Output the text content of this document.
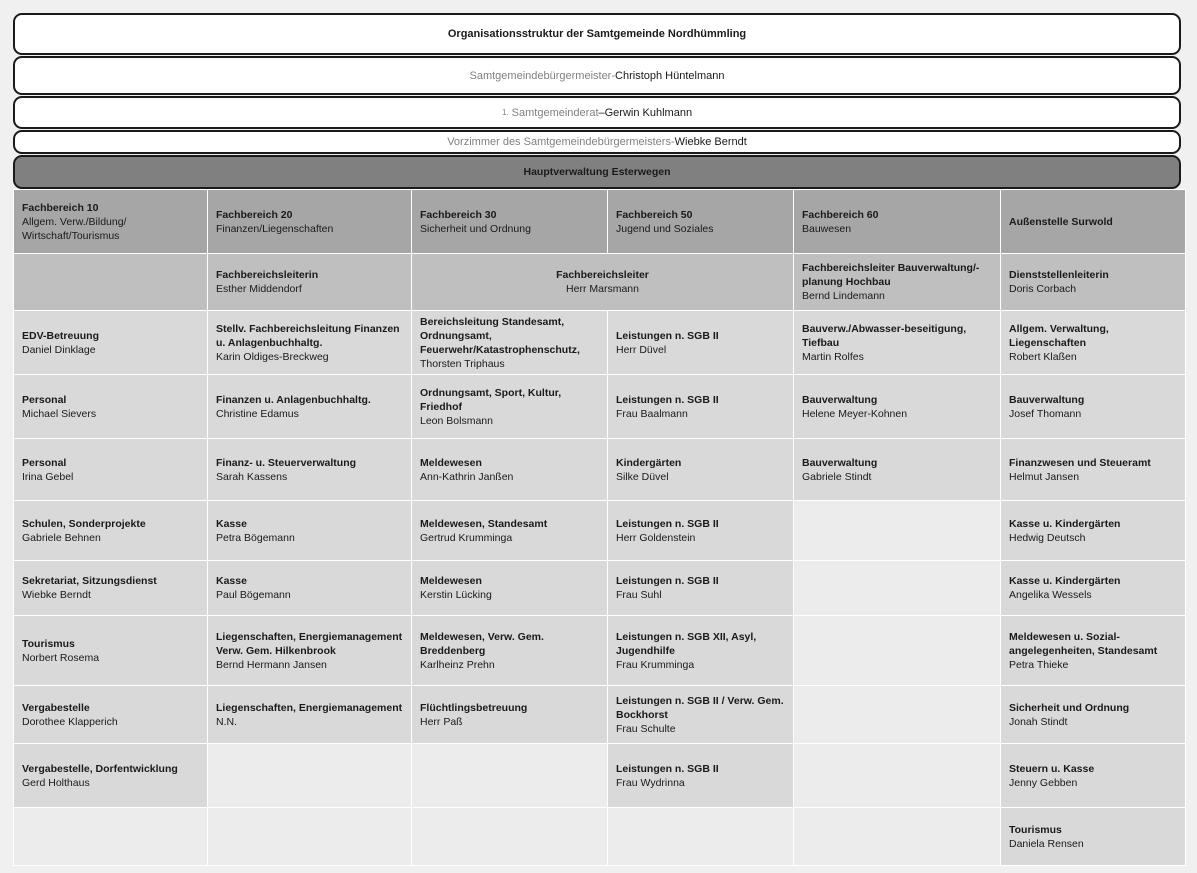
Organisationsstruktur der Samtgemeinde Nordhümmling
Samtgemeindebürgermeister - Christoph Hüntelmann
1.
Samtgemeinderat – Gerwin Kuhlmann
Vorzimmer des Samtgemeindebürgermeisters - Wiebke Berndt
Hauptverwaltung Esterwegen
Fachbereich 10
Allgem. Verw./Bildung/ Wirtschaft/Tourismus	Fachbereich 20
Finanzen/Liegenschaften	Fachbereich 30
Sicherheit und Ordnung	Fachbereich 50
Jugend und Soziales	Fachbereich 60
Bauwesen	Außenstelle Surwold

	Fachbereichsleiterin
Esther Middendorf	Fachbereichsleiter
Herr Marsmann		Fachbereichsleiter Bauverwaltung/-planung Hochbau
Bernd Lindemann	Dienststellenleiterin
Doris Corbach

EDV-Betreuung
Daniel Dinklage	Stellv. Fachbereichsleitung Finanzen u. Anlagenbuchhaltg.
Karin Oldiges-Breckweg	Bereichsleitung Standesamt, Ordnungsamt, Feuerwehr/Katastrophenschutz,
Thorsten Triphaus	Leistungen n. SGB II
Herr Düvel	Bauverw./Abwasser-beseitigung, Tiefbau
Martin Rolfes	Allgem. Verwaltung, Liegenschaften
Robert Klaßen

Personal
Michael Sievers	Finanzen u. Anlagenbuchhaltg.
Christine Edamus	Ordnungsamt, Sport, Kultur, Friedhof
Leon Bolsmann	Leistungen n. SGB II
Frau Baalmann	Bauverwaltung
Helene Meyer-Kohnen	Bauverwaltung
Josef Thomann

Personal
Irina Gebel	Finanz- u. Steuerverwaltung
Sarah Kassens	Meldewesen
Ann-Kathrin Janßen	Kindergärten
Silke Düvel	Bauverwaltung
Gabriele Stindt	Finanzwesen und Steueramt
Helmut Jansen

Schulen, Sonderprojekte
Gabriele Behnen	Kasse
Petra Bögemann	Meldewesen, Standesamt
Gertrud Krumminga	Leistungen n. SGB II
Herr Goldenstein		Kasse u. Kindergärten
Hedwig Deutsch

Sekretariat, Sitzungsdienst
Wiebke Berndt	Kasse
Paul Bögemann	Meldewesen
Kerstin Lücking	Leistungen n. SGB II
Frau Suhl		Kasse u. Kindergärten
Angelika Wessels

Tourismus
Norbert Rosema	Liegenschaften, Energiemanagement Verw. Gem. Hilkenbrook
Bernd Hermann Jansen	Meldewesen, Verw. Gem. Breddenberg
Karlheinz Prehn	Leistungen n. SGB XII, Asyl, Jugendhilfe
Frau Krumminga		Meldewesen u. Sozial-angelegenheiten, Standesamt
Petra Thieke

Vergabestelle
Dorothee Klapperich	Liegenschaften, Energiemanagement
N.N.	Flüchtlingsbetreuung
Herr Paß	Leistungen n. SGB II / Verw. Gem. Bockhorst
Frau Schulte		Sicherheit und Ordnung
Jonah Stindt

Vergabestelle, Dorfentwicklung
Gerd Holthaus			Leistungen n. SGB II
Frau Wydrinna		Steuern u. Kasse
Jenny Gebben

					Tourismus
Daniela Rensen
